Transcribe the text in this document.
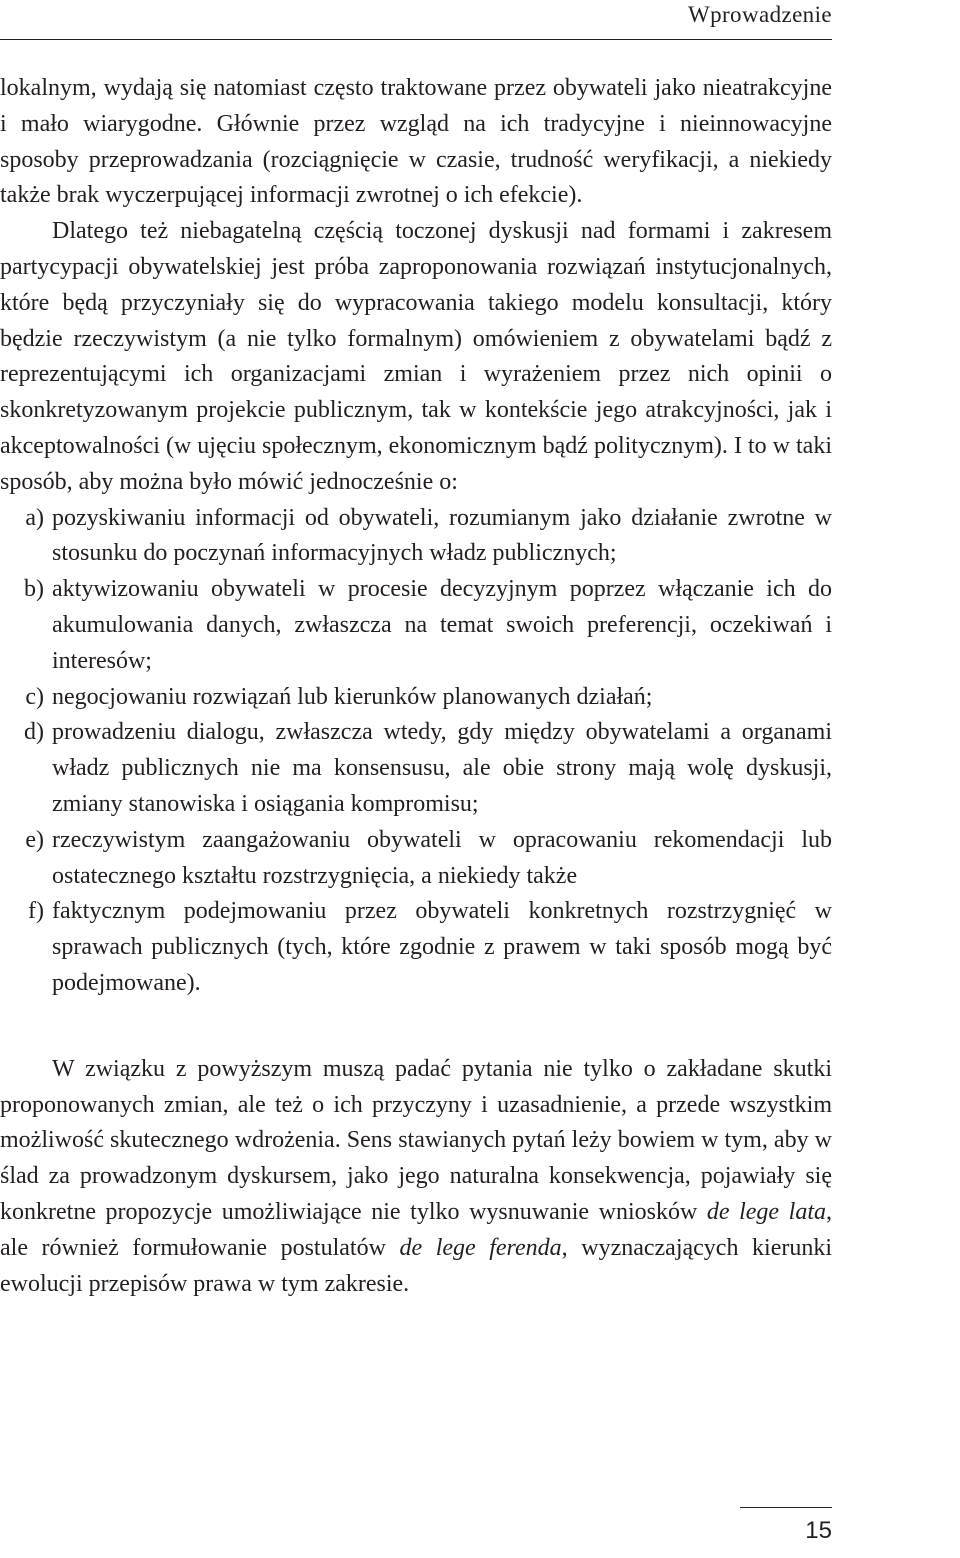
Wprowadzenie

lokalnym, wydają się natomiast często traktowane przez obywateli jako nieatrakcyjne i mało wiarygodne. Głównie przez wzgląd na ich tradycyjne i nieinnowacyjne sposoby przeprowadzania (rozciągnięcie w czasie, trudność weryfikacji, a niekiedy także brak wyczerpującej informacji zwrotnej o ich efekcie).

Dlatego też niebagatelną częścią toczonej dyskusji nad formami i zakresem partycypacji obywatelskiej jest próba zaproponowania rozwiązań instytucjonalnych, które będą przyczyniały się do wypracowania takiego modelu konsultacji, który będzie rzeczywistym (a nie tylko formalnym) omówieniem z obywatelami bądź z reprezentującymi ich organizacjami zmian i wyrażeniem przez nich opinii o skonkretyzowanym projekcie publicznym, tak w kontekście jego atrakcyjności, jak i akceptowalności (w ujęciu społecznym, ekonomicznym bądź politycznym). I to w taki sposób, aby można było mówić jednocześnie o:

a) pozyskiwaniu informacji od obywateli, rozumianym jako działanie zwrotne w stosunku do poczynań informacyjnych władz publicznych;
b) aktywizowaniu obywateli w procesie decyzyjnym poprzez włączanie ich do akumulowania danych, zwłaszcza na temat swoich preferencji, oczekiwań i interesów;
c) negocjowaniu rozwiązań lub kierunków planowanych działań;
d) prowadzeniu dialogu, zwłaszcza wtedy, gdy między obywatelami a organami władz publicznych nie ma konsensusu, ale obie strony mają wolę dyskusji, zmiany stanowiska i osiągania kompromisu;
e) rzeczywistym zaangażowaniu obywateli w opracowaniu rekomendacji lub ostatecznego kształtu rozstrzygnięcia, a niekiedy także
f) faktycznym podejmowaniu przez obywateli konkretnych rozstrzygnięć w sprawach publicznych (tych, które zgodnie z prawem w taki sposób mogą być podejmowane).

W związku z powyższym muszą padać pytania nie tylko o zakładane skutki proponowanych zmian, ale też o ich przyczyny i uzasadnienie, a przede wszystkim możliwość skutecznego wdrożenia. Sens stawianych pytań leży bowiem w tym, aby w ślad za prowadzonym dyskursem, jako jego naturalna konsekwencja, pojawiały się konkretne propozycje umożliwiające nie tylko wysnuwanie wniosków de lege lata, ale również formułowanie postulatów de lege ferenda, wyznaczających kierunki ewolucji przepisów prawa w tym zakresie.

15
